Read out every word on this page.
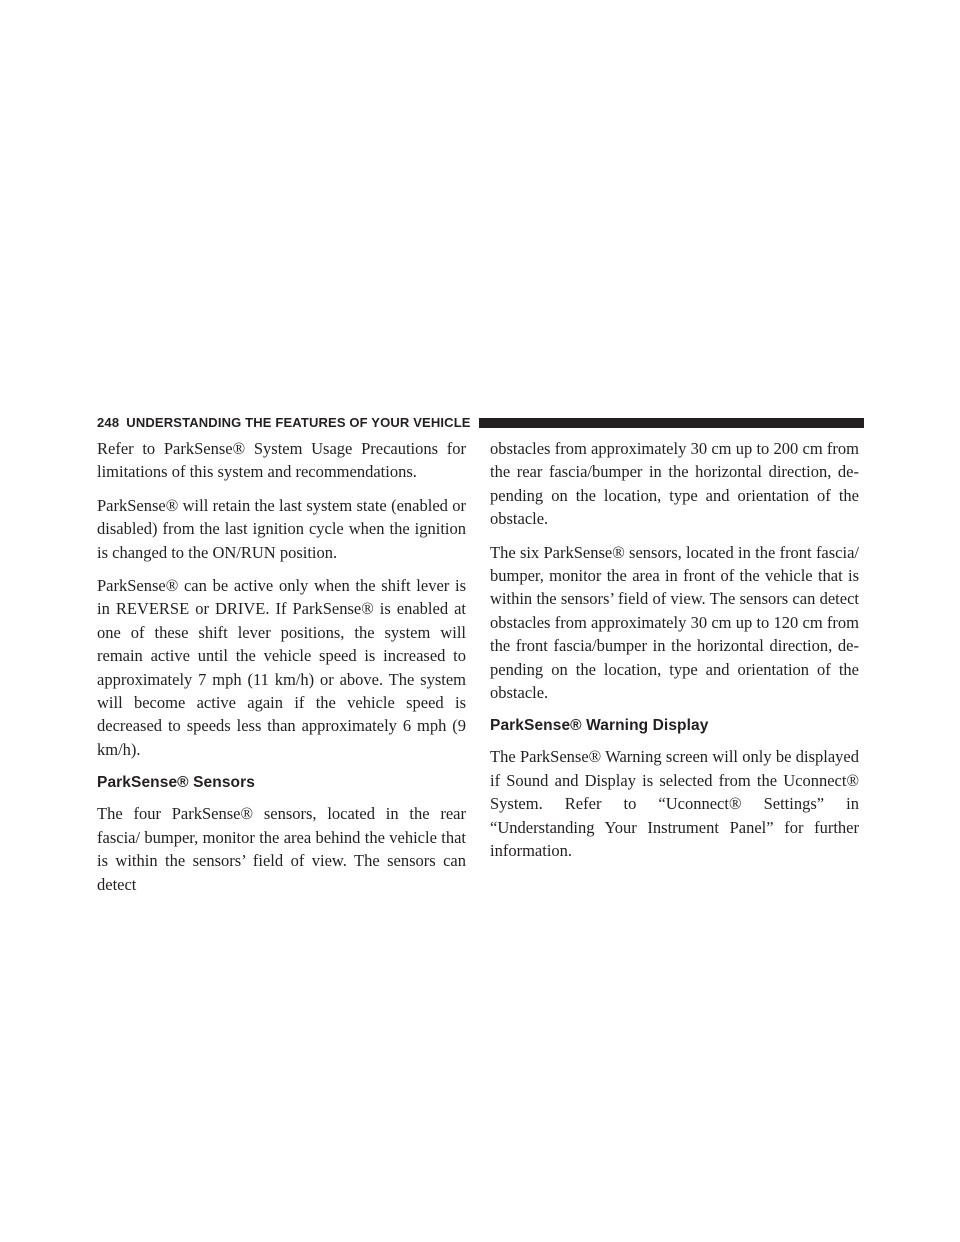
248 UNDERSTANDING THE FEATURES OF YOUR VEHICLE

Refer to ParkSense® System Usage Precautions for limitations of this system and recommendations.

ParkSense® will retain the last system state (enabled or disabled) from the last ignition cycle when the ignition is changed to the ON/RUN position.

ParkSense® can be active only when the shift lever is in REVERSE or DRIVE. If ParkSense® is enabled at one of these shift lever positions, the system will remain active until the vehicle speed is increased to approximately 7 mph (11 km/h) or above. The system will become active again if the vehicle speed is decreased to speeds less than approximately 6 mph (9 km/h).

ParkSense® Sensors

The four ParkSense® sensors, located in the rear fascia/ bumper, monitor the area behind the vehicle that is within the sensors’ field of view. The sensors can detect

obstacles from approximately 30 cm up to 200 cm from the rear fascia/bumper in the horizontal direction, depending on the location, type and orientation of the obstacle.

The six ParkSense® sensors, located in the front fascia/ bumper, monitor the area in front of the vehicle that is within the sensors’ field of view. The sensors can detect obstacles from approximately 30 cm up to 120 cm from the front fascia/bumper in the horizontal direction, depending on the location, type and orientation of the obstacle.

ParkSense® Warning Display

The ParkSense® Warning screen will only be displayed if Sound and Display is selected from the Uconnect® System. Refer to “Uconnect® Settings” in “Understanding Your Instrument Panel” for further information.
